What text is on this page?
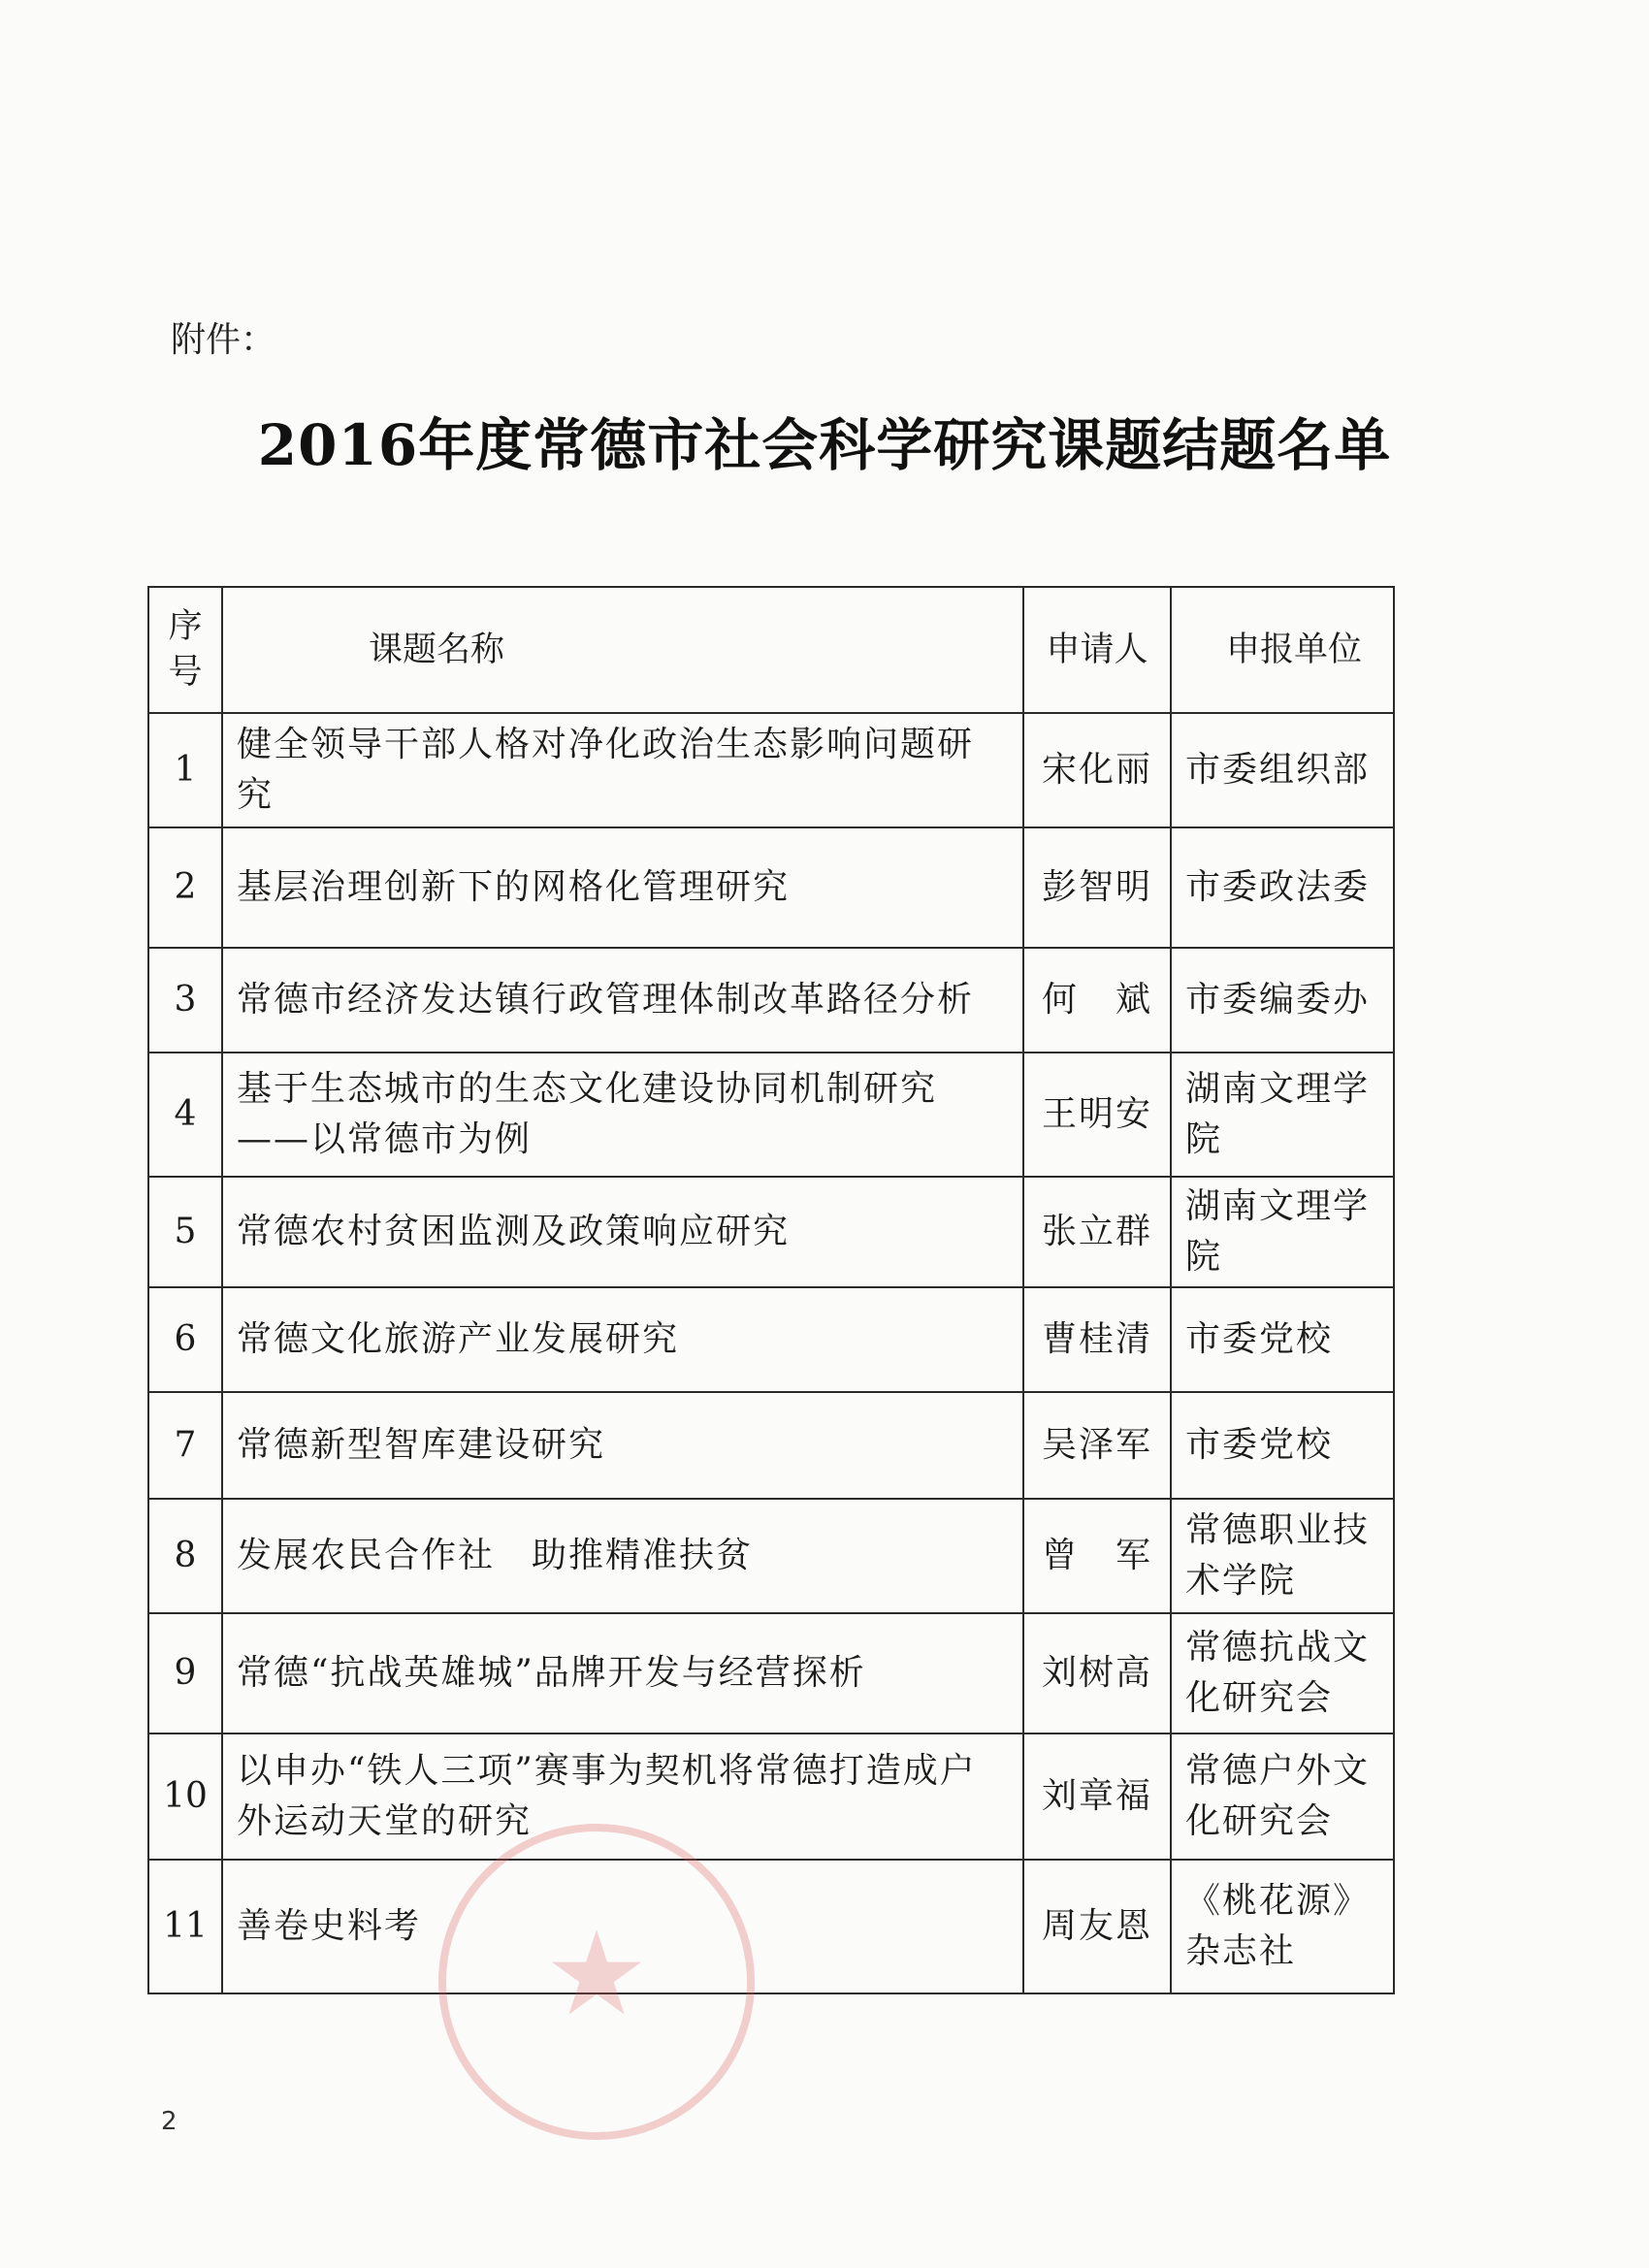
附件：
2016年度常德市社会科学研究课题结题名单
序
号	课题名称	申请人	申报单位
1	健全领导干部人格对净化政治生态影响问题研究	宋化丽	市委组织部
2	基层治理创新下的网格化管理研究	彭智明	市委政法委
3	常德市经济发达镇行政管理体制改革路径分析	何　斌	市委编委办
4	基于生态城市的生态文化建设协同机制研究——以常德市为例	王明安	湖南文理学院
5	常德农村贫困监测及政策响应研究	张立群	湖南文理学院
6	常德文化旅游产业发展研究	曹桂清	市委党校
7	常德新型智库建设研究	吴泽军	市委党校
8	发展农民合作社　助推精准扶贫	曾　军	常德职业技术学院
9	常德“抗战英雄城”品牌开发与经营探析	刘树高	常德抗战文化研究会
10	以申办“铁人三项”赛事为契机将常德打造成户外运动天堂的研究	刘章福	常德户外文化研究会
11	善卷史料考	周友恩	《桃花源》杂志社
★
2
